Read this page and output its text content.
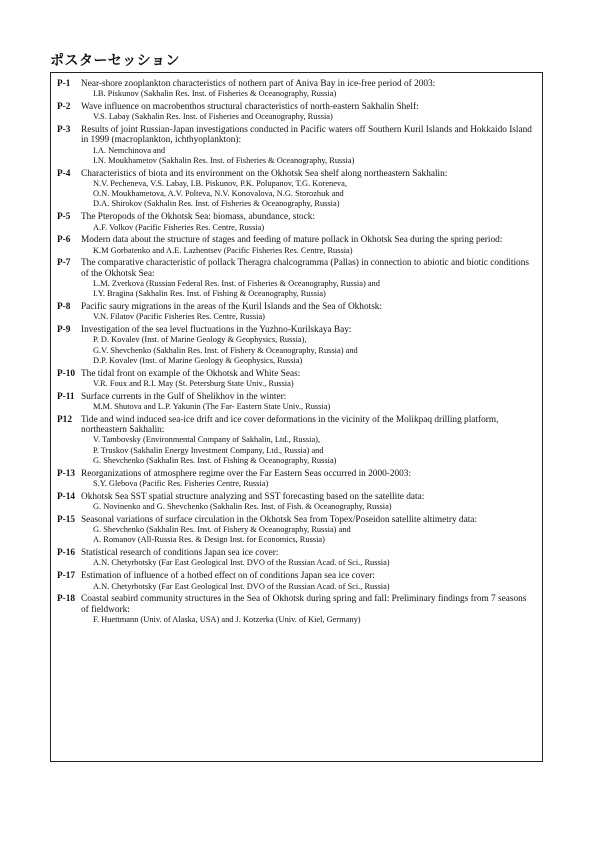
ポスターセッション
P-1	Near-shore zooplankton characteristics of nothern part of Aniva Bay in ice-free period of 2003:
I.B. Piskunov (Sakhalin Res. Inst. of Fisheries & Oceanography, Russia)
P-2	Wave influence on macrobenthos structural characteristics of north-eastern Sakhalin Shelf:
V.S. Labay (Sakhalin Res. Inst. of Fisheries and Oceanography, Russia)
P-3	Results of joint Russian-Japan investigations conducted in Pacific waters off Southern Kuril Islands and Hokkaido Island in 1999 (macroplankton, ichthyoplankton):
I.A. Nemchinova and
I.N. Moukhametov (Sakhalin Res. Inst. of Fisheries & Oceanography, Russia)
P-4	Characteristics of biota and its environment on the Okhotsk Sea shelf along northeastern Sakhalin:
N.V. Pecheneva, V.S. Labay, I.B. Piskunov, P.K. Polupanov, T.G. Koreneva,
O.N. Moukhametova, A.V. Polteva, N.V. Konovalova, N.G. Storozhuk and
D.A. Shirokov (Sakhalin Res. Inst. of Fisheries & Oceanography, Russia)
P-5	The Pteropods of the Okhotsk Sea: biomass, abundance, stock:
A.F. Volkov (Pacific Fisheries Res. Centre, Russia)
P-6	Modern data about the structure of stages and feeding of mature pollack in Okhotsk Sea during the spring period:
K.M Gorbatenko and A.E. Lazhentsev (Pacific Fisheries Res. Centre, Russia)
P-7	The comparative characteristic of pollack Theragra chalcogramma (Pallas) in connection to abiotic and biotic conditions of the Okhotsk Sea:
L.M. Zverkova (Russian Federal Res. Inst. of Fisheries & Oceanography, Russia) and
I.Y. Bragina (Sakhalin Res. Inst. of Fishing & Oceanography, Russia)
P-8	Pacific saury migrations in the areas of the Kuril Islands and the Sea of Okhotsk:
V.N. Filatov (Pacific Fisheries Res. Centre, Russia)
P-9	Investigation of the sea level fluctuations in the Yuzhno-Kurilskaya Bay:
P. D. Kovalev (Inst. of Marine Geology & Geophysics, Russia),
G.V. Shevchenko (Sakhalin Res. Inst. of Fishery & Oceanography, Russia) and
D.P. Kovalev (Inst. of Marine Geology & Geophysics, Russia)
P-10 The tidal front on example of the Okhotsk and White Seas:
V.R. Foux and R.I. May (St. Petersburg State Univ., Russia)
P-11 Surface currents in the Gulf of Shelikhov in the winter:
M.M. Shutova and L.P. Yakunin (The Far- Eastern State Univ., Russia)
P12 Tide and wind induced sea-ice drift and ice cover deformations in the vicinity of the Molikpaq drilling platform, northeastern Sakhalin:
V. Tambovsky (Environmental Company of Sakhalin, Ltd., Russia),
P. Truskov (Sakhalin Energy Investment Company, Ltd., Russia) and
G. Shevchenko (Sakhalin Res. Inst. of Fishing & Oceanography, Russia)
P-13 Reorganizations of atmosphere regime over the Far Eastern Seas occurred in 2000-2003:
S.Y. Glebova (Pacific Res. Fisheries Centre, Russia)
P-14 Okhotsk Sea SST spatial structure analyzing and SST forecasting based on the satellite data:
G. Novinenko and G. Shevchenko (Sakhalin Res. Inst. of Fish. & Oceanography, Russia)
P-15 Seasonal variations of surface circulation in the Okhotsk Sea from Topex/Poseidon satellite altimetry data:
G. Shevchenko (Sakhalin Res. Inst. of Fishery & Oceanography, Russia) and
A. Romanov (All-Russia Res. & Design Inst. for Economics, Russia)
P-16 Statistical research of conditions Japan sea ice cover:
A.N. Chetyrbotsky (Far East Geological Inst. DVO of the Russian Acad. of Sci., Russia)
P-17 Estimation of influence of a hotbed effect on of conditions Japan sea ice cover:
A.N. Chetyrbotsky (Far East Geological Inst. DVO of the Russian Acad. of Sci., Russia)
P-18 Coastal seabird community structures in the Sea of Okhotsk during spring and fall: Preliminary findings from 7 seasons of fieldwork:
F. Huettmann (Univ. of Alaska, USA) and J. Kotzerka (Univ. of Kiel, Germany)
